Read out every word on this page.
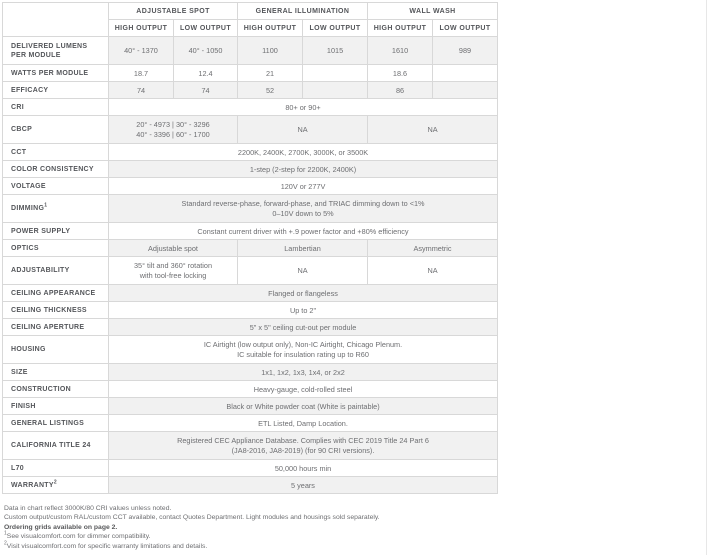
	ADJUSTABLE SPOT		GENERAL ILLUMINATION		WALL WASH	
	HIGH OUTPUT	LOW OUTPUT	HIGH OUTPUT	LOW OUTPUT	HIGH OUTPUT	LOW OUTPUT
DELIVERED LUMENS PER MODULE	40° - 1370	40° - 1050	1100	1015	1610	989
WATTS PER MODULE	18.7	12.4	21		18.6	
EFFICACY	74	74	52		86	
CRI	80+ or 90+					
CBCP	20° - 4973 | 30° - 3296
40° - 3396 | 60° - 1700		NA		NA	
CCT	2200K, 2400K, 2700K, 3000K, or 3500K					
COLOR CONSISTENCY	1-step (2-step for 2200K, 2400K)					
VOLTAGE	120V or 277V					
DIMMING$^1$	Standard reverse-phase, forward-phase, and TRIAC dimming down to <1%
0–10V down to 5%					

POWER SUPPLY	Constant current driver with +.9 power factor and +80% efficiency					
OPTICS	Adjustable spot		Lambertian		Asymmetric	
ADJUSTABILITY	35° tilt and 360° rotation
with tool-free locking		NA		NA	
CEILING APPEARANCE	Flanged or flangeless					
CEILING THICKNESS	Up to 2"					
CEILING APERTURE	5" x 5" ceiling cut-out per module					
HOUSING	IC Airtight (low output only), Non-IC Airtight, Chicago Plenum.
IC suitable for insulation rating up to R60					

SIZE	1x1, 1x2, 1x3, 1x4, or 2x2					
CONSTRUCTION	Heavy-gauge, cold-rolled steel					
FINISH	Black or White powder coat (White is paintable)					
GENERAL LISTINGS	ETL Listed, Damp Location.					
CALIFORNIA TITLE 24	Registered CEC Appliance Database. Complies with CEC 2019 Title 24 Part 6
(JA8-2016, JA8-2019) (for 90 CRI versions).					

L70	50,000 hours min					
WARRANTY$^2$	5 years					
Data in chart reflect 3000K/80 CRI values unless noted.
Custom output/custom RAL/custom CCT available, contact Quotes Department. Light modules and housings sold separately.
Ordering grids available on page 2.
$^1$See visualcomfort.com for dimmer compatibility.
$^2$Visit visualcomfort.com for specific warranty limitations and details.
